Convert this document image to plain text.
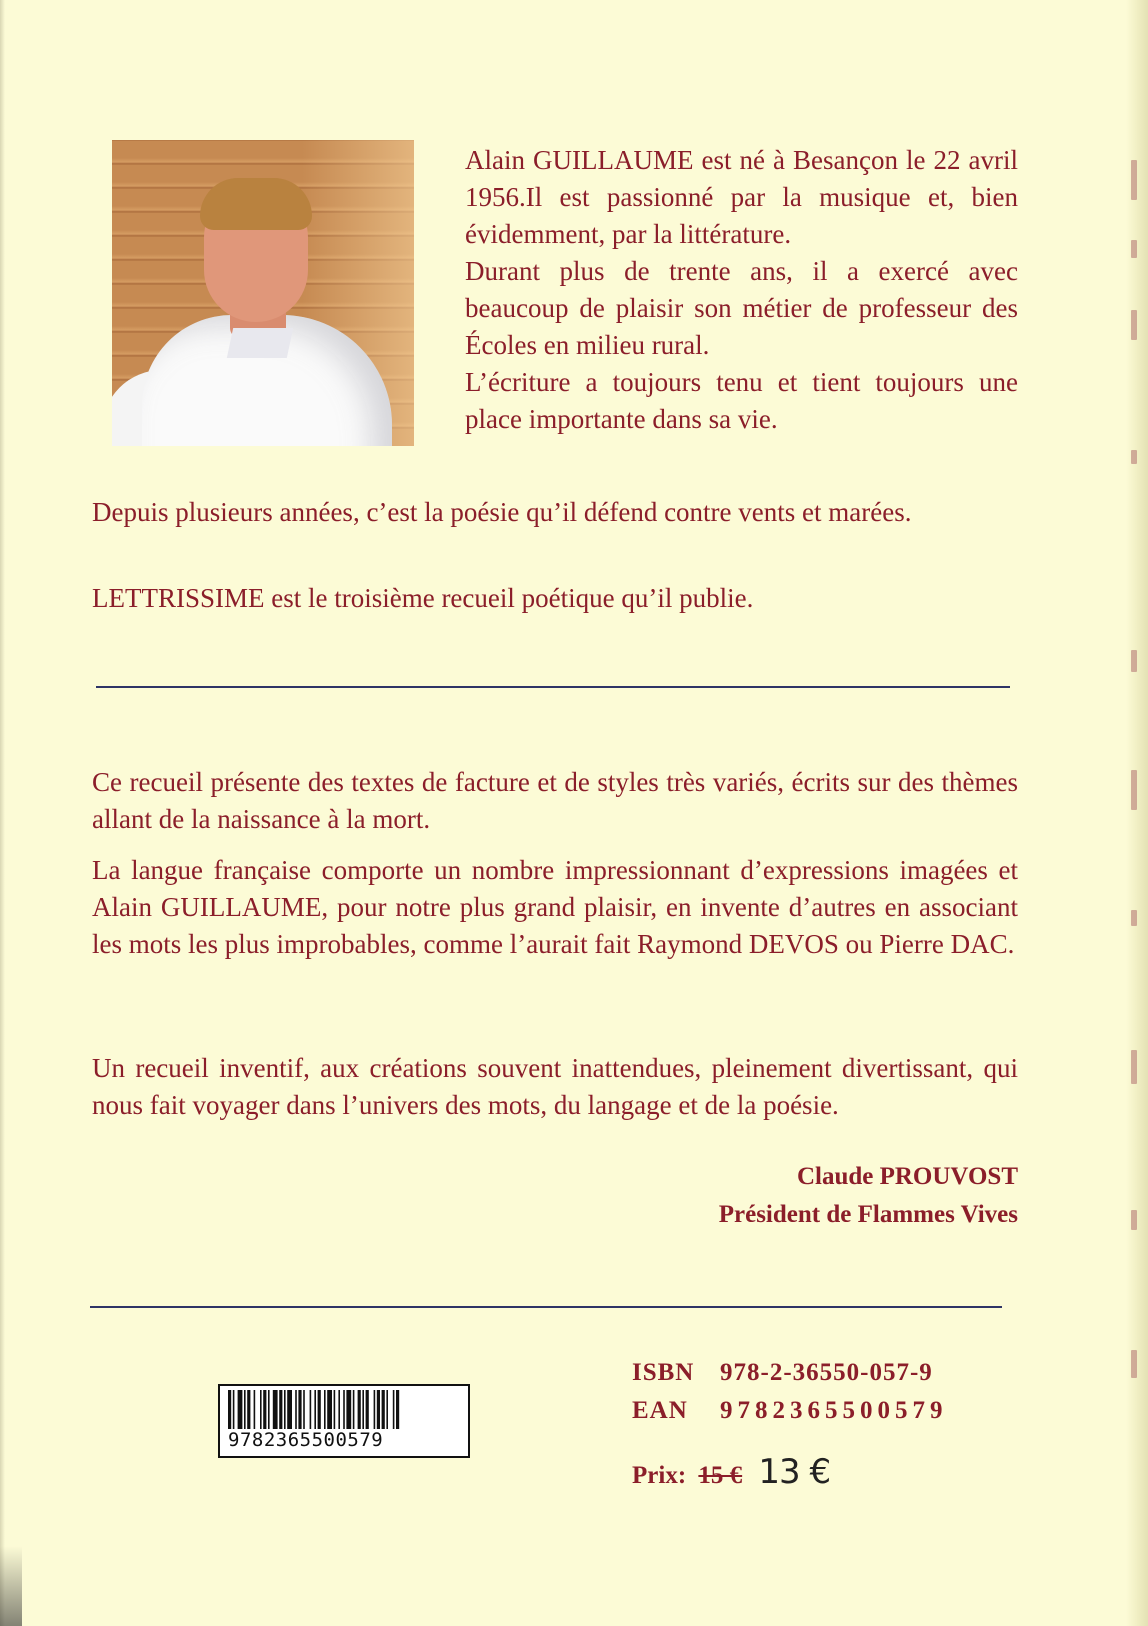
Alain GUILLAUME est né à Besançon le 22 avril 1956.Il est passionné par la musique et, bien évidemment, par la littérature.
Durant plus de trente ans, il a exercé avec beaucoup de plaisir son métier de professeur des Écoles en milieu rural.
L’écriture a toujours tenu et tient toujours une place importante dans sa vie.
Depuis plusieurs années, c’est la poésie qu’il défend contre vents et marées.
LETTRISSIME est le troisième recueil poétique qu’il publie.
Ce recueil présente des textes de facture et de styles très variés, écrits sur des thèmes allant de la naissance à la mort.
La langue française comporte un nombre impressionnant d’expressions imagées et Alain GUILLAUME, pour notre plus grand plaisir, en invente d’autres en associant les mots les plus improbables, comme l’aurait fait Raymond DEVOS ou Pierre DAC.
Un recueil inventif, aux créations souvent inattendues, pleinement divertissant, qui nous fait voyager dans l’univers des mots, du langage et de la poésie.
Claude PROUVOST
Président de Flammes Vives
9782365500579
ISBN 978-2-36550-057-9
EAN 9782365500579
Prix: 15 € 13 €
